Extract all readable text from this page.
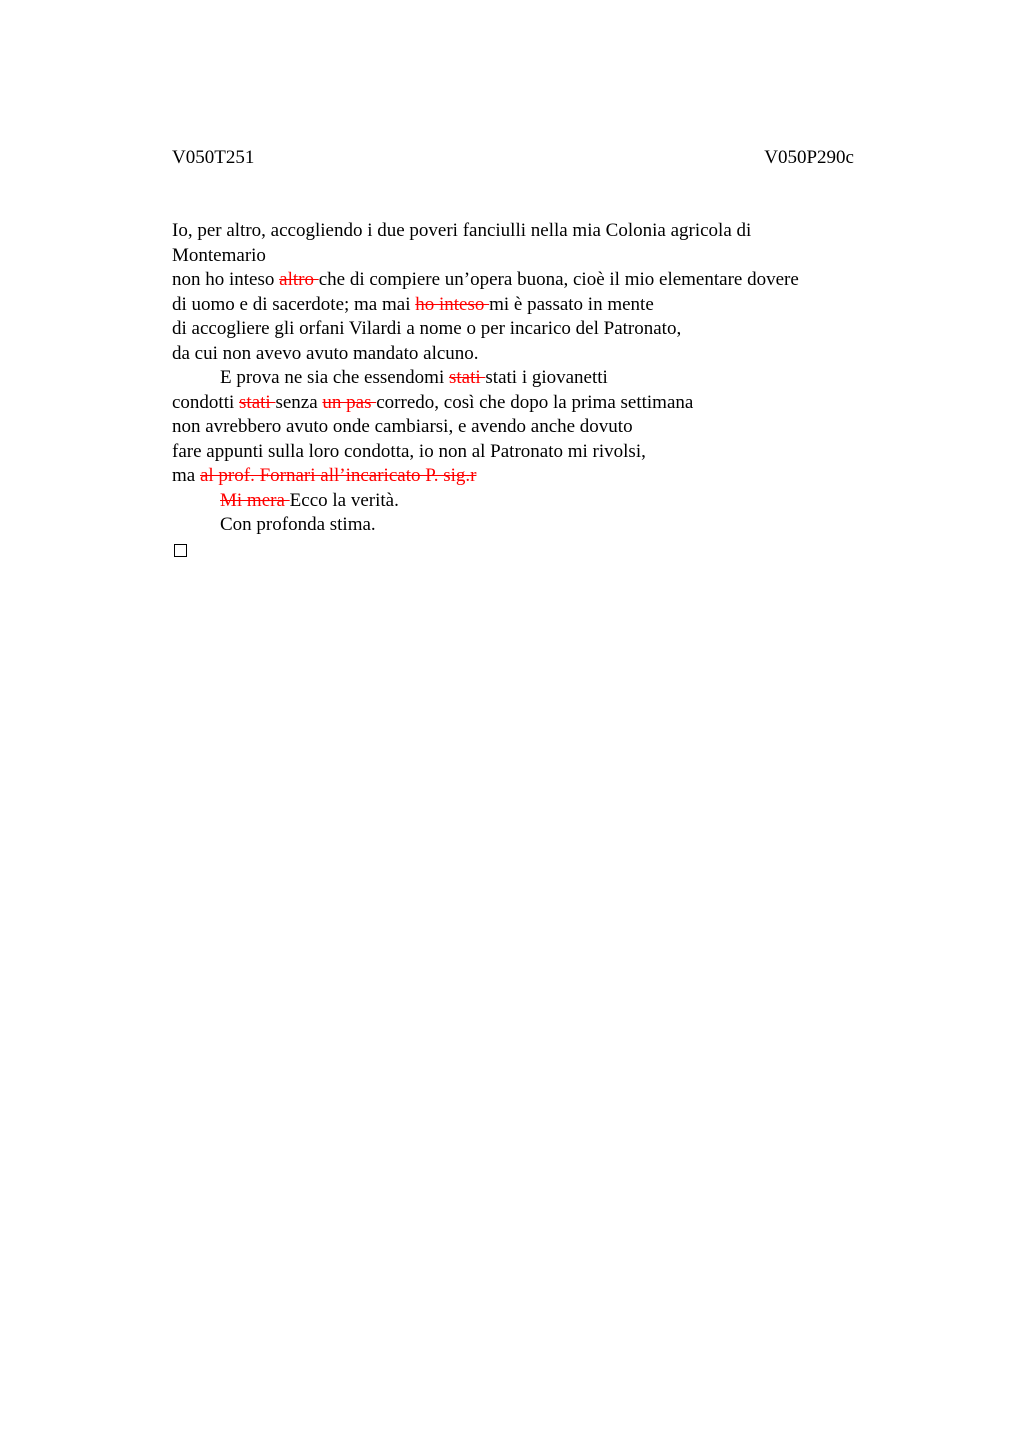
V050T251	V050P290c
Io, per altro, accogliendo i due poveri fanciulli nella mia Colonia agricola di
Montemario
non ho inteso altro che di compiere un’opera buona, cioè il mio elementare dovere
di uomo e di sacerdote; ma mai ho inteso mi è passato in mente
di accogliere gli orfani Vilardi a nome o per incarico del Patronato,
da cui non avevo avuto mandato alcuno.
E prova ne sia che essendomi stati stati i giovanetti
condotti stati senza un pas corredo, così che dopo la prima settimana
non avrebbero avuto onde cambiarsi, e avendo anche dovuto
fare appunti sulla loro condotta, io non al Patronato mi rivolsi,
ma al prof. Fornari all’incaricato P. sig.r
Mi mera Ecco la verità.
Con profonda stima.
